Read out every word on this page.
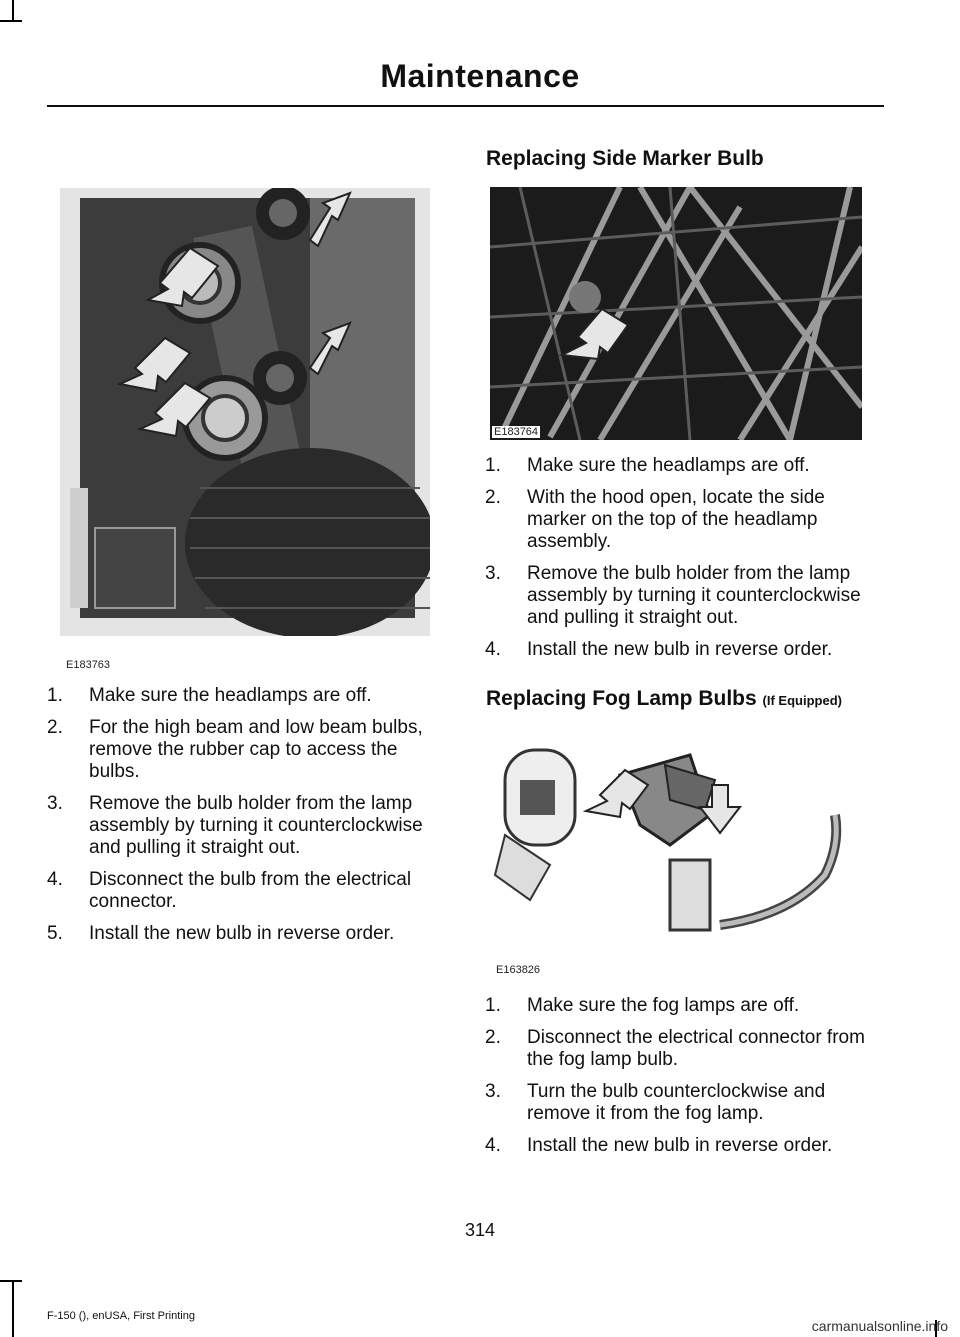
Maintenance
E183763
1. Make sure the headlamps are off.
2. For the high beam and low beam bulbs, remove the rubber cap to access the bulbs.
3. Remove the bulb holder from the lamp assembly by turning it counterclockwise and pulling it straight out.
4. Disconnect the bulb from the electrical connector.
5. Install the new bulb in reverse order.
Replacing Side Marker Bulb
E183764
1. Make sure the headlamps are off.
2. With the hood open, locate the side marker on the top of the headlamp assembly.
3. Remove the bulb holder from the lamp assembly by turning it counterclockwise and pulling it straight out.
4. Install the new bulb in reverse order.
Replacing Fog Lamp Bulbs (If Equipped)
E163826
1. Make sure the fog lamps are off.
2. Disconnect the electrical connector from the fog lamp bulb.
3. Turn the bulb counterclockwise and remove it from the fog lamp.
4. Install the new bulb in reverse order.
314
F-150 (), enUSA, First Printing
carmanualsonline.info
